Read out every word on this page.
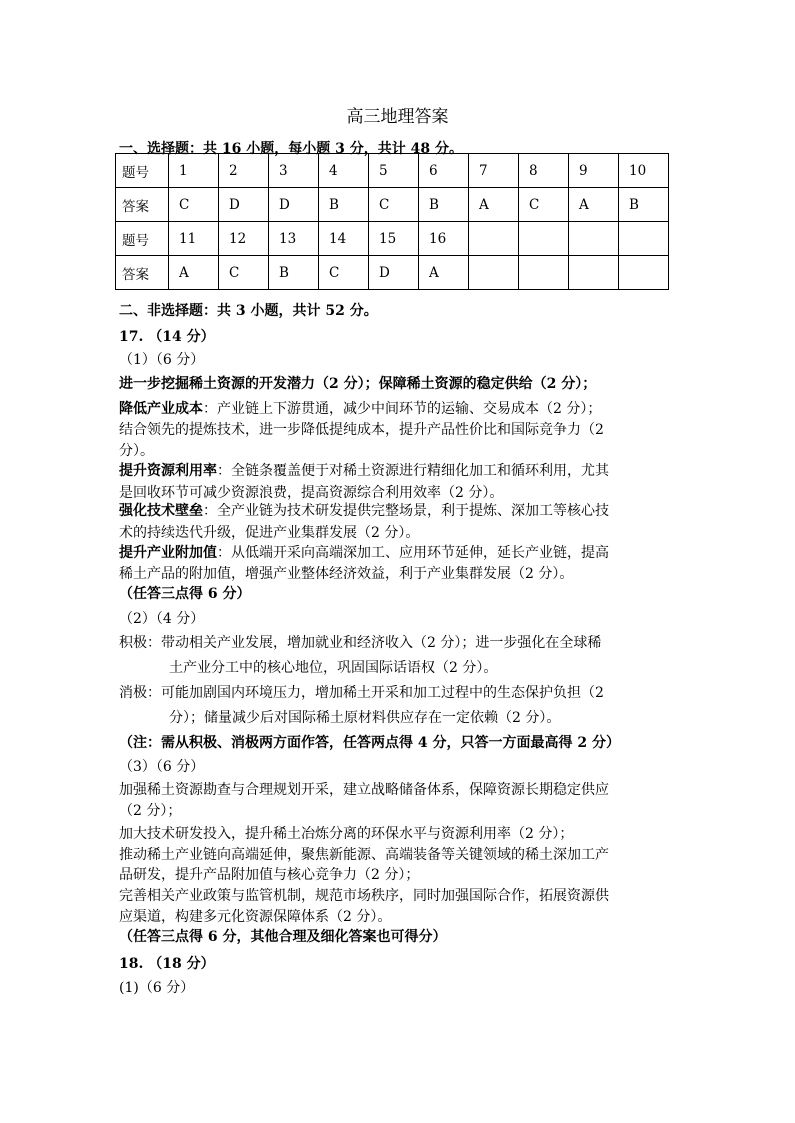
高三地理答案
一、选择题：共 16 小题，每小题 3 分，共计 48 分。
题号	1	2	3	4	5	6	7	8	9	10
答案	C	D	D	B	C	B	A	C	A	B
题号	11	12	13	14	15	16				
答案	A	C	B	C	D	A				
二、非选择题：共 3 小题，共计 52 分。
17. （14 分）
（1）（6 分）
进一步挖掘稀土资源的开发潜力（2 分）；保障稀土资源的稳定供给（2 分）；
降低产业成本：产业链上下游贯通，减少中间环节的运输、交易成本（2 分）；
结合领先的提炼技术，进一步降低提纯成本，提升产品性价比和国际竞争力（2
分）。
提升资源利用率：全链条覆盖便于对稀土资源进行精细化加工和循环利用，尤其
是回收环节可减少资源浪费，提高资源综合利用效率（2 分）。
强化技术壁垒：全产业链为技术研发提供完整场景，利于提炼、深加工等核心技
术的持续迭代升级，促进产业集群发展（2 分）。
提升产业附加值：从低端开采向高端深加工、应用环节延伸，延长产业链，提高
稀土产品的附加值，增强产业整体经济效益，利于产业集群发展（2 分）。
（任答三点得 6 分）
（2）（4 分）
积极：带动相关产业发展，增加就业和经济收入（2 分）；进一步强化在全球稀
土产业分工中的核心地位，巩固国际话语权（2 分）。
消极：可能加剧国内环境压力，增加稀土开采和加工过程中的生态保护负担（2
分）；储量减少后对国际稀土原材料供应存在一定依赖（2 分）。
（注：需从积极、消极两方面作答，任答两点得 4 分，只答一方面最高得 2 分）
（3）（6 分）
加强稀土资源勘查与合理规划开采，建立战略储备体系，保障资源长期稳定供应
（2 分）；
加大技术研发投入，提升稀土冶炼分离的环保水平与资源利用率（2 分）；
推动稀土产业链向高端延伸，聚焦新能源、高端装备等关键领域的稀土深加工产
品研发，提升产品附加值与核心竞争力（2 分）；
完善相关产业政策与监管机制，规范市场秩序，同时加强国际合作，拓展资源供
应渠道，构建多元化资源保障体系（2 分）。
（任答三点得 6 分，其他合理及细化答案也可得分）
18. （18 分）
(1)（6 分）
